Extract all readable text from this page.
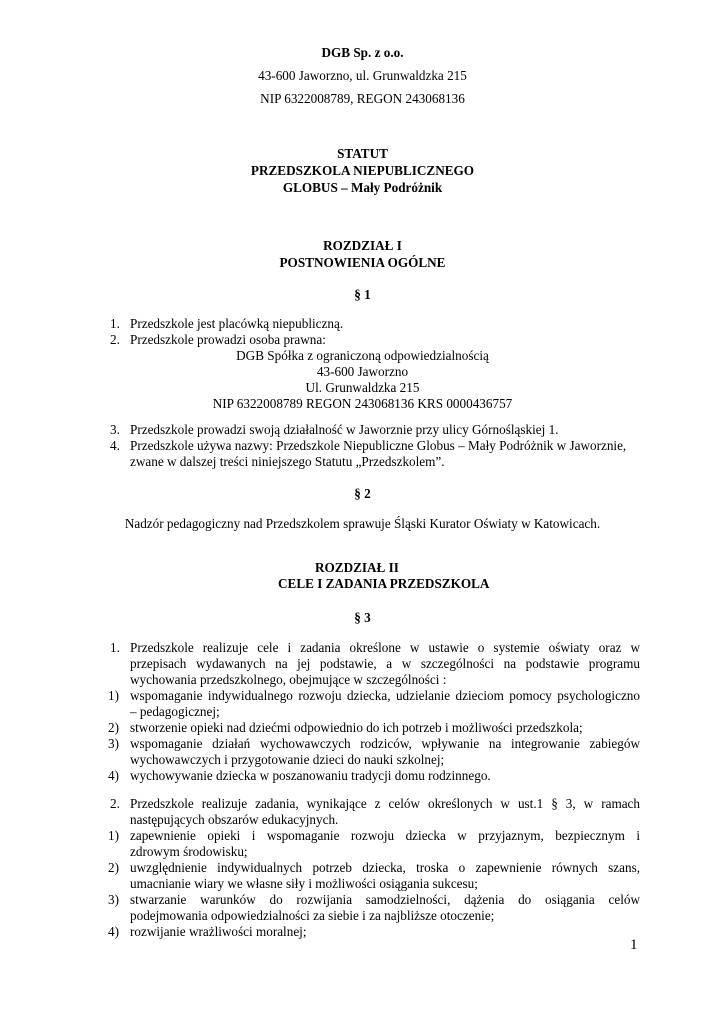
DGB Sp. z o.o.
43-600 Jaworzno, ul. Grunwaldzka 215
NIP 6322008789, REGON 243068136
STATUT
PRZEDSZKOLA NIEPUBLICZNEGO
GLOBUS – Mały Podróżnik
ROZDZIAŁ I
POSTNOWIENIA OGÓLNE
§ 1
1. Przedszkole jest placówką niepubliczną.
2. Przedszkole prowadzi osoba prawna:
DGB Spółka z ograniczoną odpowiedzialnością
43-600 Jaworzno
Ul. Grunwaldzka 215
NIP 6322008789 REGON 243068136 KRS 0000436757
3. Przedszkole prowadzi swoją działalność w Jaworznie przy ulicy Górnośląskiej 1.
4. Przedszkole używa nazwy: Przedszkole Niepubliczne Globus – Mały Podróżnik w Jaworznie,
zwane w dalszej treści niniejszego Statutu „Przedszkolem”.
§ 2
Nadzór pedagogiczny nad Przedszkolem sprawuje Śląski Kurator Oświaty w Katowicach.
ROZDZIAŁ II
CELE I ZADANIA PRZEDSZKOLA
§ 3
1. Przedszkole realizuje cele i zadania określone w ustawie o systemie oświaty oraz w
przepisach wydawanych na jej podstawie, a w szczególności na podstawie programu
wychowania przedszkolnego, obejmujące w szczególności :
1) wspomaganie indywidualnego rozwoju dziecka, udzielanie dzieciom pomocy psychologiczno
– pedagogicznej;
2) stworzenie opieki nad dziećmi odpowiednio do ich potrzeb i możliwości przedszkola;
3) wspomaganie działań wychowawczych rodziców, wpływanie na integrowanie zabiegów
wychowawczych i przygotowanie dzieci do nauki szkolnej;
4) wychowywanie dziecka w poszanowaniu tradycji domu rodzinnego.
2. Przedszkole realizuje zadania, wynikające z celów określonych w ust.1 § 3, w ramach
następujących obszarów edukacyjnych.
1) zapewnienie opieki i wspomaganie rozwoju dziecka w przyjaznym, bezpiecznym i
zdrowym środowisku;
2) uwzględnienie indywidualnych potrzeb dziecka, troska o zapewnienie równych szans,
umacnianie wiary we własne siły i możliwości osiągania sukcesu;
3) stwarzanie warunków do rozwijania samodzielności, dążenia do osiągania celów
podejmowania odpowiedzialności za siebie i za najbliższe otoczenie;
4) rozwijanie wrażliwości moralnej;
1
